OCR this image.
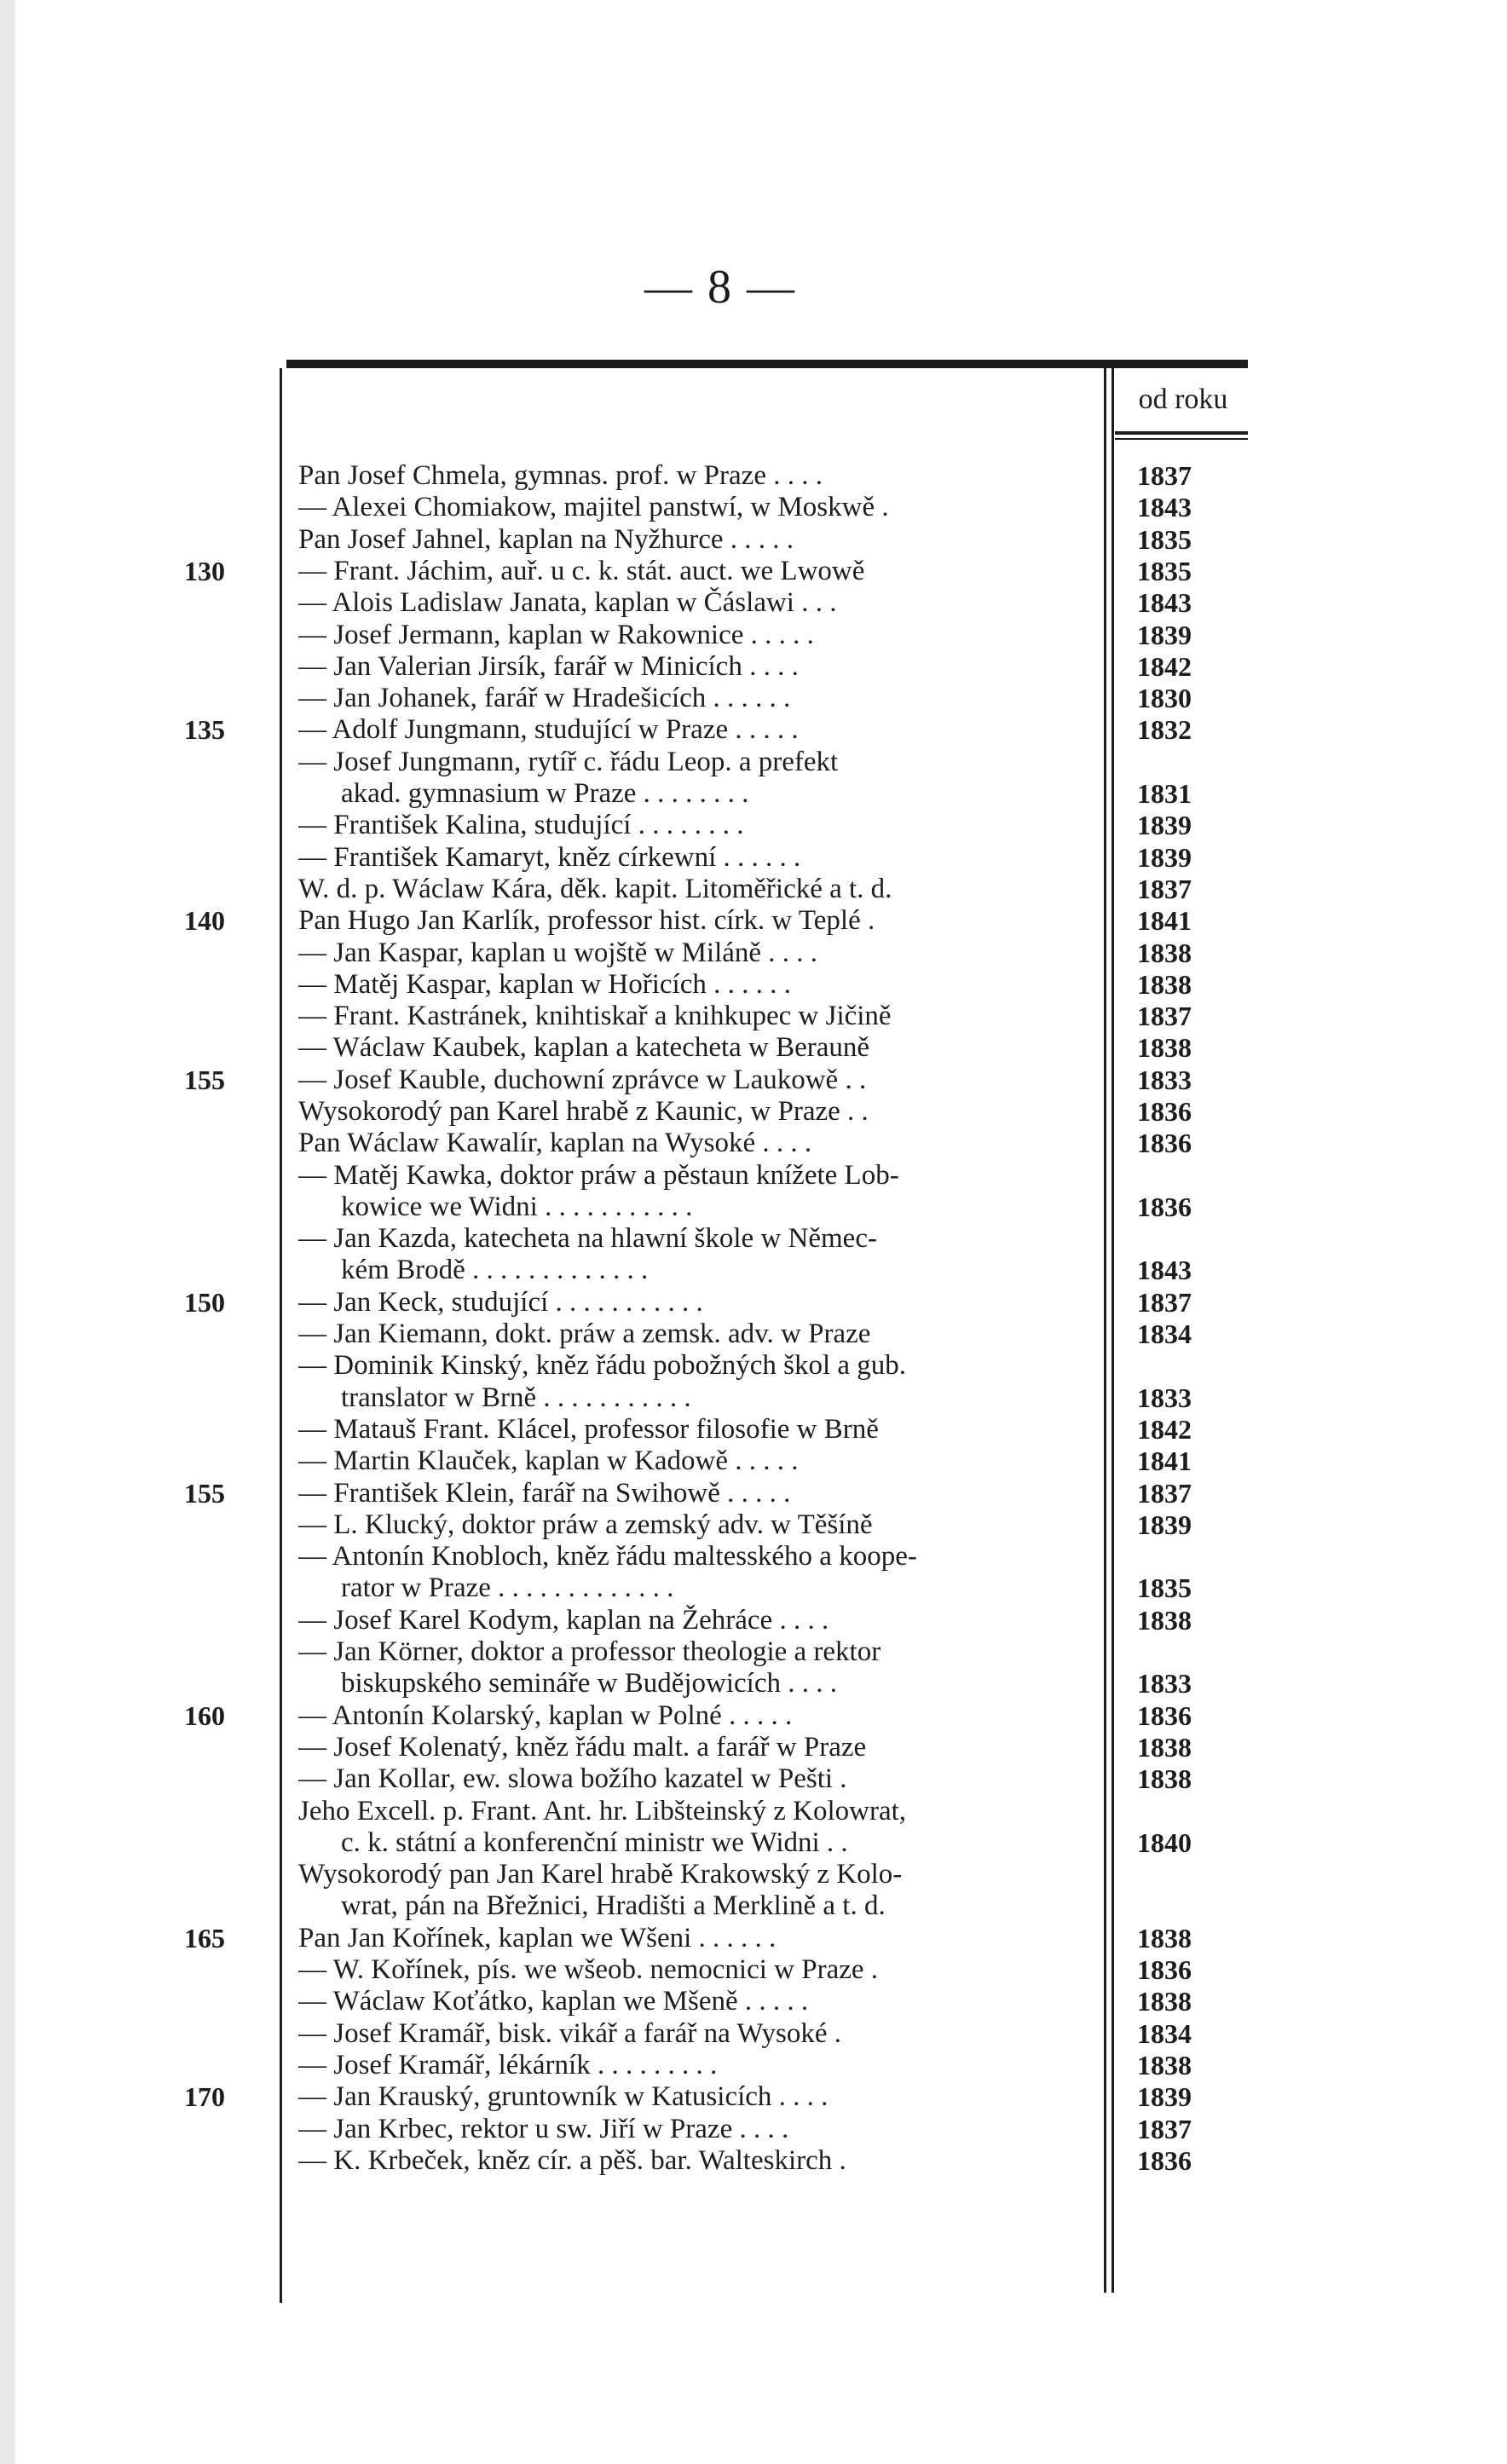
— 8 —
od roku
Pan Josef Chmela, gymnas. prof. w Praze . . . .	1837
— Alexei Chomiakow, majitel panstwí, w Moskwě .	1843
Pan Josef Jahnel, kaplan na Nyžhurce . . . . .	1835
130	— Frant. Jáchim, auř. u c. k. stát. auct. we Lwowě	1835
— Alois Ladislaw Janata, kaplan w Čáslawi . . .	1843
— Josef Jermann, kaplan w Rakownice . . . . .	1839
— Jan Valerian Jirsík, farář w Minicích . . . .	1842
— Jan Johanek, farář w Hradešicích . . . . . .	1830
135	— Adolf Jungmann, studující w Praze . . . . .	1832
— Josef Jungmann, rytíř c. řádu Leop. a prefekt
akad. gymnasium w Praze . . . . . . . .	1831
— František Kalina, studující . . . . . . . .	1839
— František Kamaryt, kněz církewní . . . . . .	1839
W. d. p. Wáclaw Kára, děk. kapit. Litoměřické a t. d.	1837
140	Pan Hugo Jan Karlík, professor hist. círk. w Teplé .	1841
— Jan Kaspar, kaplan u wojště w Miláně . . . .	1838
— Matěj Kaspar, kaplan w Hořicích . . . . . .	1838
— Frant. Kastránek, knihtiskař a knihkupec w Jičině	1837
— Wáclaw Kaubek, kaplan a katecheta w Berauně	1838
155	— Josef Kauble, duchowní zprávce w Laukowě . .	1833
Wysokorodý pan Karel hrabě z Kaunic, w Praze . .	1836
Pan Wáclaw Kawalír, kaplan na Wysoké . . . .	1836
— Matěj Kawka, doktor práw a pěstaun knížete Lob-
kowice we Widni . . . . . . . . . . .	1836
— Jan Kazda, katecheta na hlawní škole w Němec-
kém Brodě . . . . . . . . . . . . .	1843
150	— Jan Keck, studující . . . . . . . . . . .	1837
— Jan Kiemann, dokt. práw a zemsk. adv. w Praze	1834
— Dominik Kinský, kněz řádu pobožných škol a gub.
translator w Brně . . . . . . . . . . .	1833
— Matauš Frant. Klácel, professor filosofie w Brně	1842
— Martin Klauček, kaplan w Kadowě . . . . .	1841
155	— František Klein, farář na Swihowě . . . . .	1837
— L. Klucký, doktor práw a zemský adv. w Těšíně	1839
— Antonín Knobloch, kněz řádu maltesského a koope-
rator w Praze . . . . . . . . . . . . .	1835
— Josef Karel Kodym, kaplan na Žehráce . . . .	1838
— Jan Körner, doktor a professor theologie a rektor
biskupského semináře w Budějowicích . . . .	1833
160	— Antonín Kolarský, kaplan w Polné . . . . .	1836
— Josef Kolenatý, kněz řádu malt. a farář w Praze	1838
— Jan Kollar, ew. slowa božího kazatel w Pešti .	1838
Jeho Excell. p. Frant. Ant. hr. Libšteinský z Kolowrat,
c. k. státní a konferenční ministr we Widni . .	1840
Wysokorodý pan Jan Karel hrabě Krakowský z Kolo-
wrat, pán na Břežnici, Hradišti a Merklině a t. d.
165	Pan Jan Kořínek, kaplan we Wšeni . . . . . .	1838
— W. Kořínek, pís. we wšeob. nemocnici w Praze .	1836
— Wáclaw Koťátko, kaplan we Mšeně . . . . .	1838
— Josef Kramář, bisk. vikář a farář na Wysoké .	1834
— Josef Kramář, lékárník . . . . . . . . .	1838
170	— Jan Krauský, gruntowník w Katusicích . . . .	1839
— Jan Krbec, rektor u sw. Jiří w Praze . . . .	1837
— K. Krbeček, kněz cír. a pěš. bar. Walteskirch .	1836
